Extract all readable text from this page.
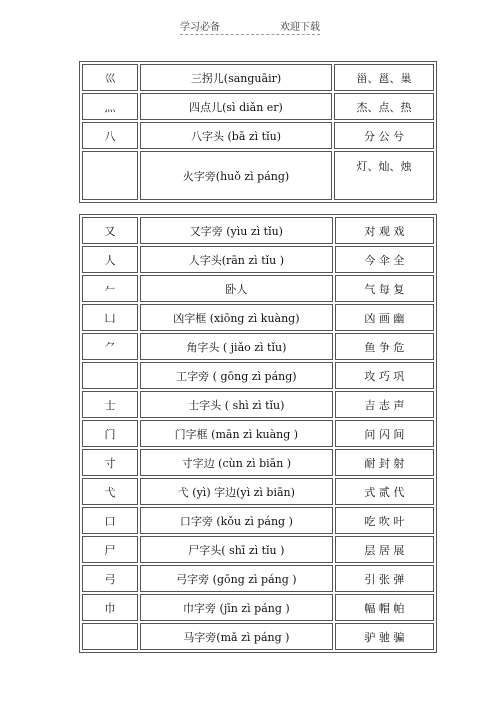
学习必备	欢迎下载
巛	三拐儿(sanguāir)	甾、邕、巢
灬	四点儿(sì diǎn er)	杰、点、热
八	八字头 (bā zì tǐu)	分 公 兮
	火字旁(huǒ zì páng)	灯、灿、烛
又	又字旁 (yìu zì tǐu)	对 观 戏
人	人字头(rān zì tǐu )	今 伞 全
𠂉	卧人	气 每 复
凵	凶字框 (xiōng zì kuàng)	凶 画 幽
⺈	角字头 ( jiǎo zì tǐu)	鱼 争 危
	工字旁 ( gōng zì páng)	攻 巧 巩
士	士字头 ( shì zì tǐu)	吉 志 声
门	门字框 (mān zì kuàng )	问 闪 间
寸	寸字边 (cùn zì biān )	耐 封 射
弋	弋 (yì) 字边(yì zì biān)	式 贰 代
口	口字旁 (kǒu zì páng )	吃 吹 叶
尸	尸字头( shī zì tǐu )	层 居 展
弓	弓字旁 (gōng zì páng )	引 张 弹
巾	巾字旁 (jīn zì páng )	幅 帽 帕
	马字旁(mǎ zì páng )	驴 驰 骗
